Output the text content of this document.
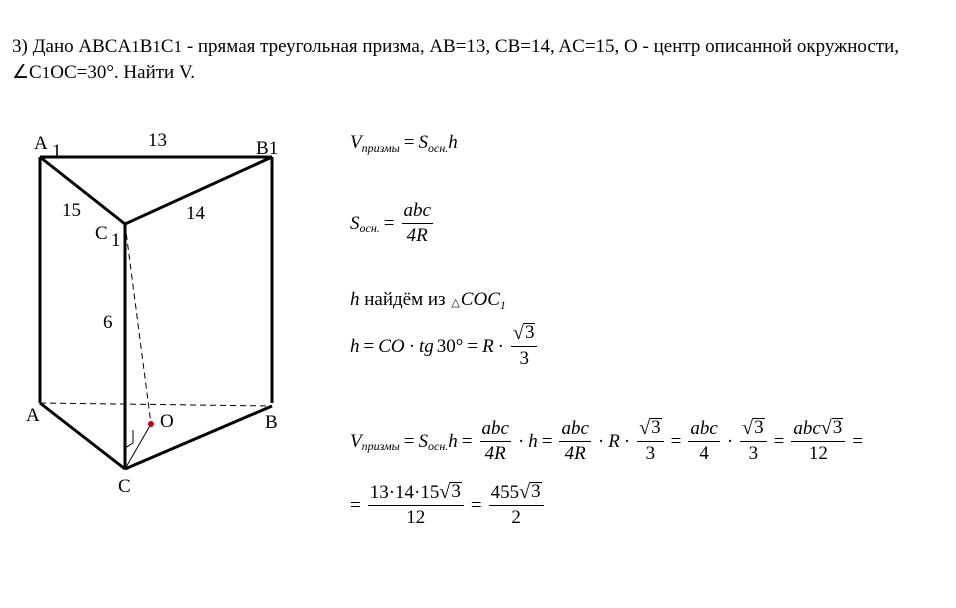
3) Дано ABCA1B1C1 - прямая треугольная призма, AB=13, CB=14, AC=15, O - центр описанной окружности, ∠C1OC=30°. Найти V.
A 1	B1
C 1
A	B
C
O
13
15	14
6
V призмы = S осн. h
S осн. = $\frac{\text{abc}}{4R}$
h найдём из △ COC 1
h = CO · tg $30^\circ = R \cdot \frac{√ 3}{3}$
V призмы = S осн. $h = \frac{\text{abc}}{4R} \cdot h = \frac{\text{abc}}{4R} \cdot R \cdot \frac{√ 3}{3} = \frac{\text{abc}}{4} \cdot \frac{√ 3}{3} = \frac{\text{abc √ 3}}{12}$ =
= $\frac{13\cdot 14\cdot 15 √ 3}{12} = \frac{455 √ 3}{2}$
